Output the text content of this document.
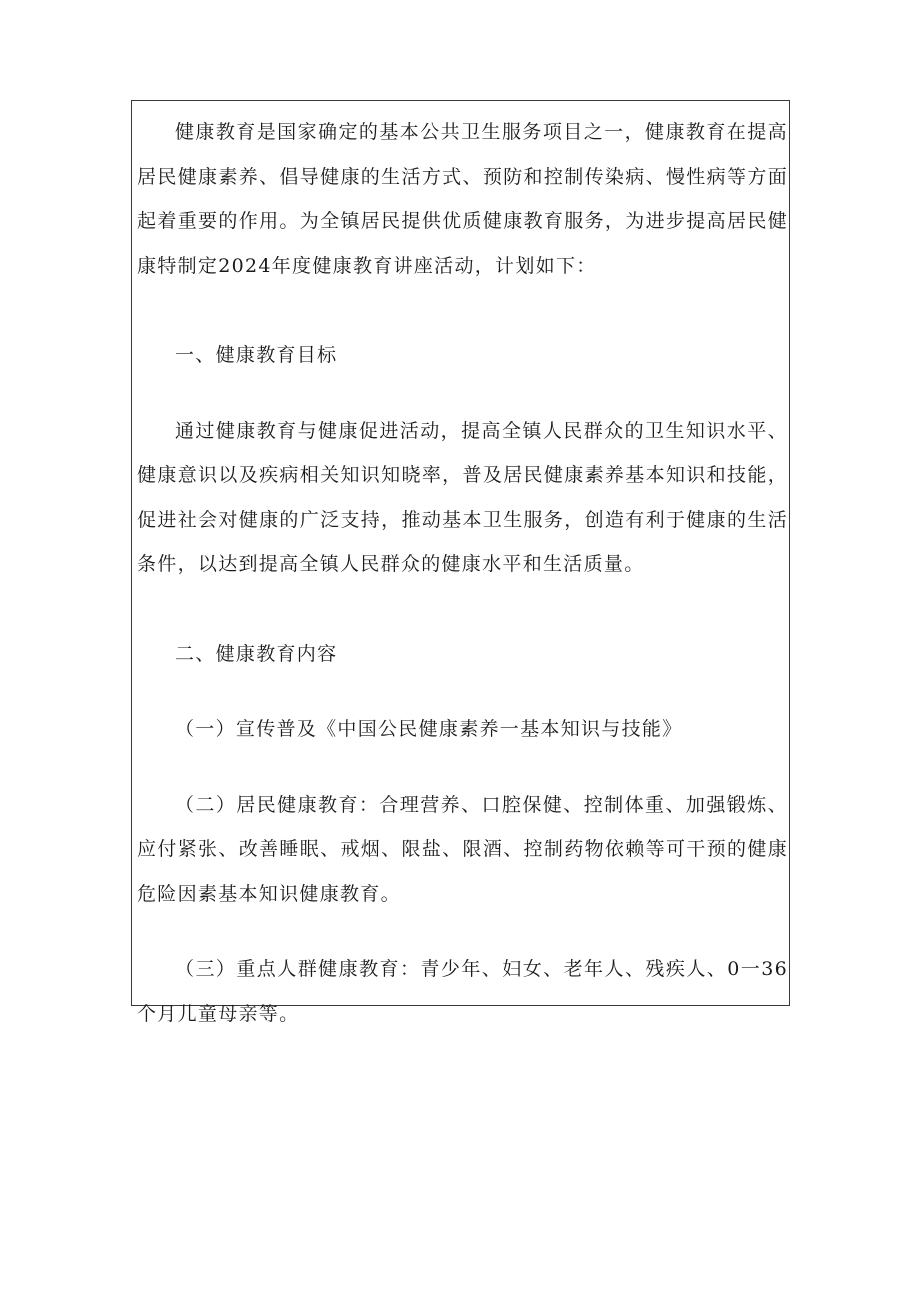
健康教育是国家确定的基本公共卫生服务项目之一，健康教育在提高居民健康素养、倡导健康的生活方式、预防和控制传染病、慢性病等方面起着重要的作用。为全镇居民提供优质健康教育服务，为进步提高居民健康特制定2024年度健康教育讲座活动，计划如下：

一、健康教育目标

通过健康教育与健康促进活动，提高全镇人民群众的卫生知识水平、健康意识以及疾病相关知识知晓率，普及居民健康素养基本知识和技能，促进社会对健康的广泛支持，推动基本卫生服务，创造有利于健康的生活条件，以达到提高全镇人民群众的健康水平和生活质量。

二、健康教育内容

（一）宣传普及《中国公民健康素养一基本知识与技能》

（二）居民健康教育：合理营养、口腔保健、控制体重、加强锻炼、应付紧张、改善睡眠、戒烟、限盐、限酒、控制药物依赖等可干预的健康危险因素基本知识健康教育。

（三）重点人群健康教育：青少年、妇女、老年人、残疾人、0一36个月儿童母亲等。
